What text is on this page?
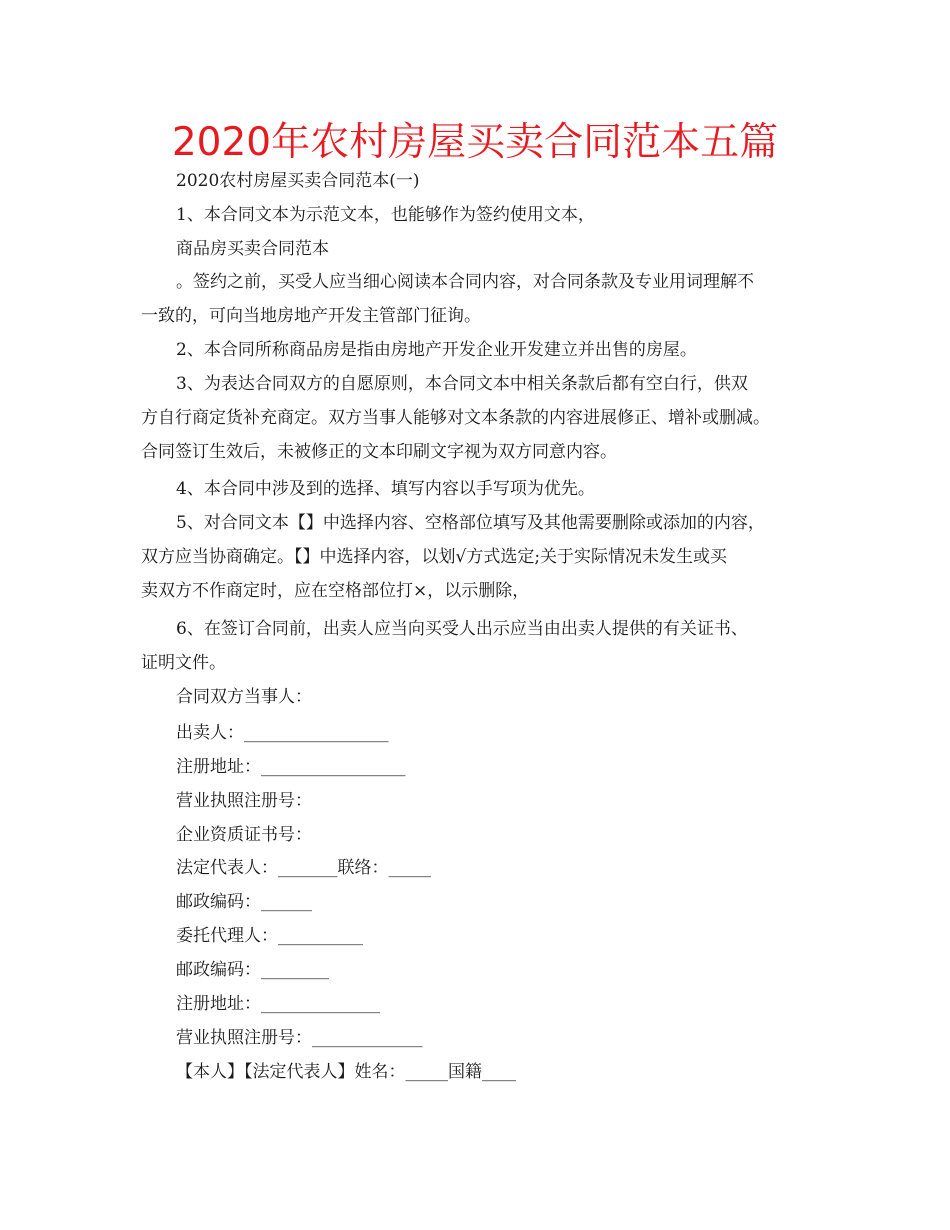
2020年农村房屋买卖合同范本五篇
2020农村房屋买卖合同范本(一)
1、本合同文本为示范文本，也能够作为签约使用文本，
商品房买卖合同范本
。签约之前，买受人应当细心阅读本合同内容，对合同条款及专业用词理解不
一致的，可向当地房地产开发主管部门征询。
2、本合同所称商品房是指由房地产开发企业开发建立并出售的房屋。
3、为表达合同双方的自愿原则，本合同文本中相关条款后都有空白行，供双
方自行商定货补充商定。双方当事人能够对文本条款的内容进展修正、增补或删减。
合同签订生效后，未被修正的文本印刷文字视为双方同意内容。
4、本合同中涉及到的选择、填写内容以手写项为优先。
5、对合同文本【】中选择内容、空格部位填写及其他需要删除或添加的内容，
双方应当协商确定。【】中选择内容，以划√方式选定;关于实际情况未发生或买
卖双方不作商定时，应在空格部位打×，以示删除，
6、在签订合同前，出卖人应当向买受人出示应当由出卖人提供的有关证书、
证明文件。
合同双方当事人：
出卖人：_________________
注册地址：_________________
营业执照注册号：
企业资质证书号：
法定代表人：_______联络：_____
邮政编码：______
委托代理人：__________
邮政编码：________
注册地址：______________
营业执照注册号：_____________
【本人】【法定代表人】姓名：_____国籍____
